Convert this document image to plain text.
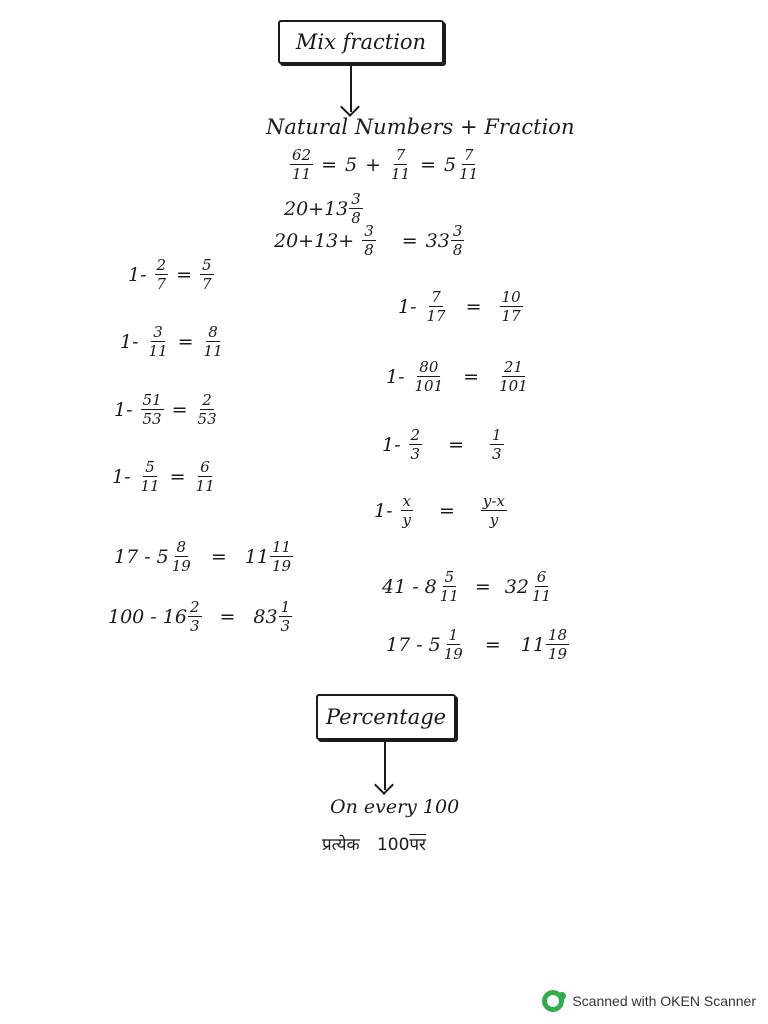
Mix fraction
Natural Numbers + Fraction
$\frac{62}{11} = 5 + \frac{7}{11} = 5 \frac{7}{11}$
$20+13 \frac{3}{8}$
$20+13+ \frac{3}{8} = 33 \frac{3}{8}$
$1- \frac{2}{7} = \frac{5}{7}$
$1- \frac{3}{11} = \frac{8}{11}$
$1- \frac{51}{53} = \frac{2}{53}$
$1- \frac{5}{11} = \frac{6}{11}$
$1- \frac{7}{17} = \frac{10}{17}$
$1- \frac{80}{101} = \frac{21}{101}$
$1- \frac{2}{3} = \frac{1}{3}$
$1- \frac{x}{y} = \frac{y-x}{y}$
$17 - 5 \frac{8}{19} = 11 \frac{11}{19}$
$100 - 16 \frac{2}{3} = 83 \frac{1}{3}$
$41 - 8 \frac{5}{11} = 32 \frac{6}{11}$
$17 - 5 \frac{1}{19} = 11 \frac{18}{19}$
Percentage
On every 100
प्रत्येक 100पर
Scanned with OKEN Scanner
